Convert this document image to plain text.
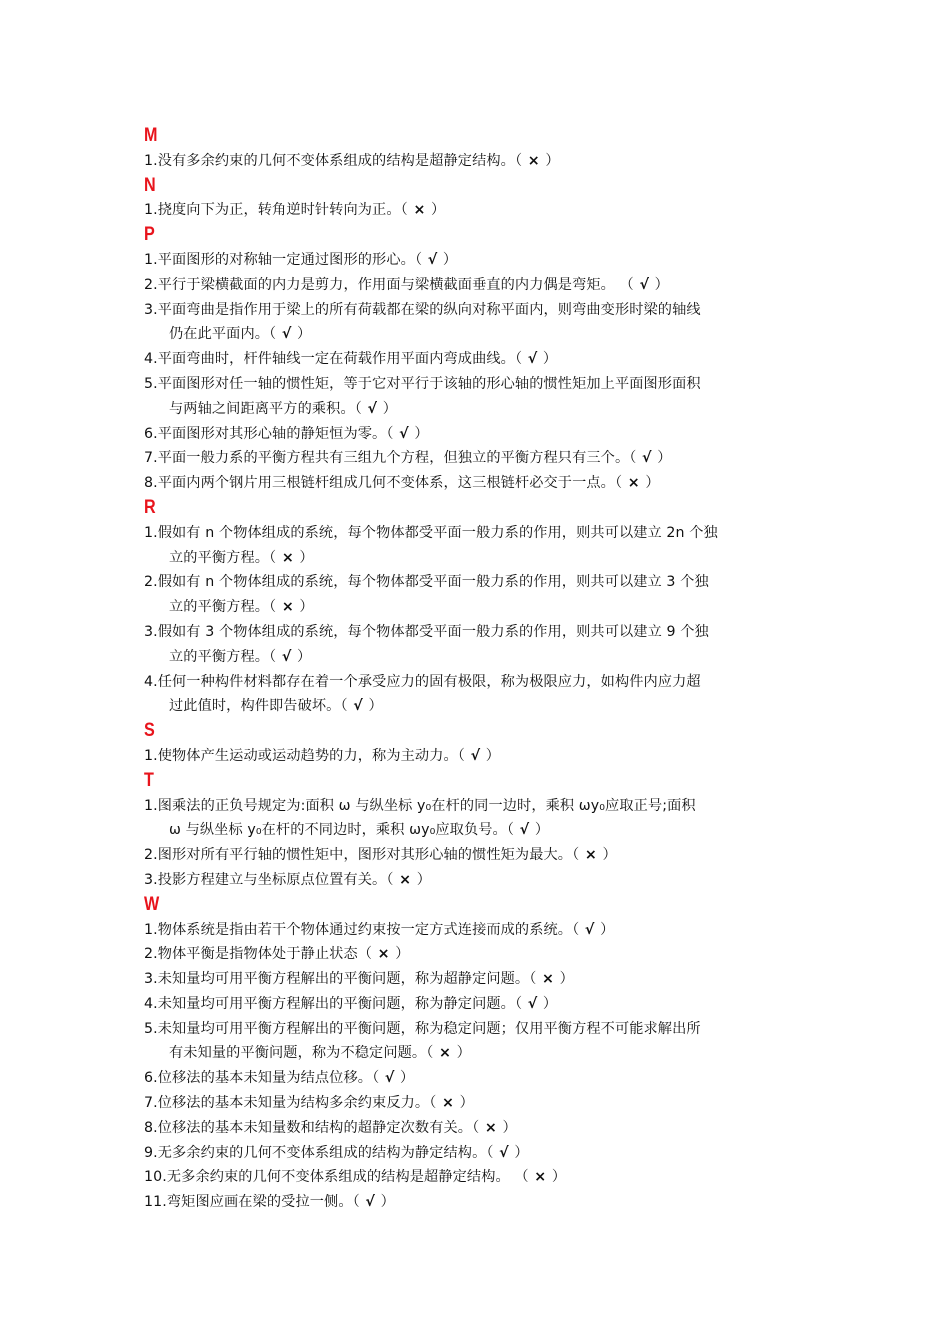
M
1.没有多余约束的几何不变体系组成的结构是超静定结构。（ × ）
N
1.挠度向下为正，转角逆时针转向为正。（ × ）
P
1.平面图形的对称轴一定通过图形的形心。（ √ ）
2.平行于梁横截面的内力是剪力，作用面与梁横截面垂直的内力偶是弯矩。 （ √ ）
3.平面弯曲是指作用于梁上的所有荷载都在梁的纵向对称平面内，则弯曲变形时梁的轴线
仍在此平面内。（ √ ）
4.平面弯曲时，杆件轴线一定在荷载作用平面内弯成曲线。（ √ ）
5.平面图形对任一轴的惯性矩，等于它对平行于该轴的形心轴的惯性矩加上平面图形面积
与两轴之间距离平方的乘积。（ √ ）
6.平面图形对其形心轴的静矩恒为零。（ √ ）
7.平面一般力系的平衡方程共有三组九个方程，但独立的平衡方程只有三个。（ √ ）
8.平面内两个钢片用三根链杆组成几何不变体系，这三根链杆必交于一点。（ × ）
R
1.假如有 n 个物体组成的系统，每个物体都受平面一般力系的作用，则共可以建立 2n 个独
立的平衡方程。（ × ）
2.假如有 n 个物体组成的系统，每个物体都受平面一般力系的作用，则共可以建立 3 个独
立的平衡方程。（ × ）
3.假如有 3 个物体组成的系统，每个物体都受平面一般力系的作用，则共可以建立 9 个独
立的平衡方程。（ √ ）
4.任何一种构件材料都存在着一个承受应力的固有极限，称为极限应力，如构件内应力超
过此值时，构件即告破坏。（ √ ）
S
1.使物体产生运动或运动趋势的力，称为主动力。（ √ ）
T
1.图乘法的正负号规定为:面积 ω 与纵坐标 y₀在杆的同一边时，乘积 ωy₀应取正号;面积
ω 与纵坐标 y₀在杆的不同边时，乘积 ωy₀应取负号。（ √ ）
2.图形对所有平行轴的惯性矩中，图形对其形心轴的惯性矩为最大。（ × ）
3.投影方程建立与坐标原点位置有关。（ × ）
W
1.物体系统是指由若干个物体通过约束按一定方式连接而成的系统。（ √ ）
2.物体平衡是指物体处于静止状态（ × ）
3.未知量均可用平衡方程解出的平衡问题，称为超静定问题。（ × ）
4.未知量均可用平衡方程解出的平衡问题，称为静定问题。（ √ ）
5.未知量均可用平衡方程解出的平衡问题，称为稳定问题；仅用平衡方程不可能求解出所
有未知量的平衡问题，称为不稳定问题。（ × ）
6.位移法的基本未知量为结点位移。（ √ ）
7.位移法的基本未知量为结构多余约束反力。（ × ）
8.位移法的基本未知量数和结构的超静定次数有关。（ × ）
9.无多余约束的几何不变体系组成的结构为静定结构。（ √ ）
10.无多余约束的几何不变体系组成的结构是超静定结构。 （ × ）
11.弯矩图应画在梁的受拉一侧。（ √ ）
